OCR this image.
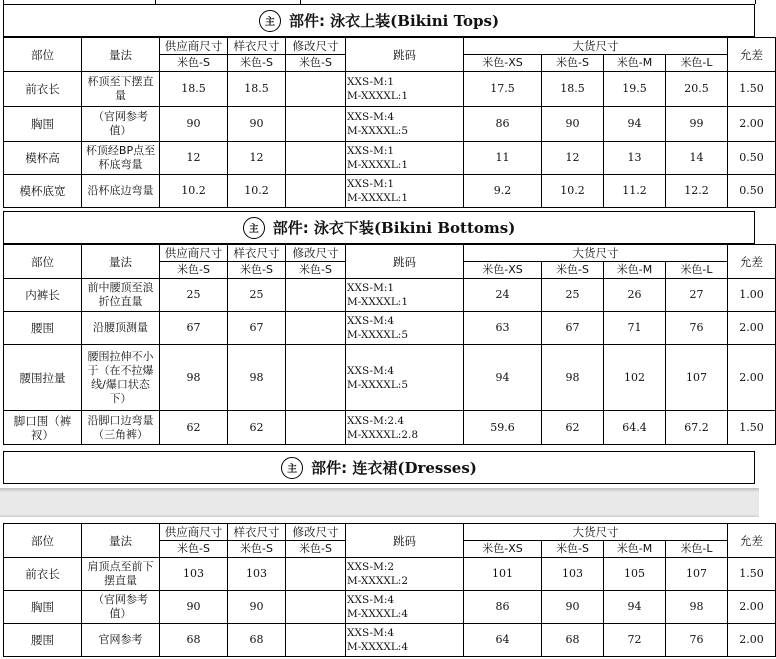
主 部件: 泳衣上装 (Bikini Tops)
部位	量法	供应商尺寸	样衣尺寸	修改尺寸	跳码	大货尺寸				允差
		米色-S	米色-S	米色-S		米色-XS	米色-S	米色-M	米色-L	
前衣长	杯顶至下摆直
量	18.5	18.5		XXS-M:1
M-XXXXL:1	17.5	18.5	19.5	20.5	1.50
胸围	（官网参考
值）	90	90		XXS-M:4
M-XXXXL:5	86	90	94	99	2.00
模杯高	杯顶经BP点至
杯底弯量	12	12		XXS-M:1
M-XXXXL:1	11	12	13	14	0.50
模杯底宽	沿杯底边弯量	10.2	10.2		XXS-M:1
M-XXXXL:1	9.2	10.2	11.2	12.2	0.50
主 部件: 泳衣下装 (Bikini Bottoms)
部位	量法	供应商尺寸	样衣尺寸	修改尺寸	跳码	大货尺寸				允差
		米色-S	米色-S	米色-S		米色-XS	米色-S	米色-M	米色-L	
内裤长	前中腰顶至浪
折位直量	25	25		XXS-M:1
M-XXXXL:1	24	25	26	27	1.00
腰围	沿腰顶测量	67	67		XXS-M:4
M-XXXXL:5	63	67	71	76	2.00
腰围拉量	腰围拉伸不小
于（在不拉爆
线/爆口状态
下）	98	98		XXS-M:4
M-XXXXL:5	94	98	102	107	2.00

脚口围（裤
衩）	沿脚口边弯量
（三角裤）	62	62		XXS-M:2.4
M-XXXXL:2.8	59.6	62	64.4	67.2	1.50
主 部件: 连衣裙 (Dresses)
部位	量法	供应商尺寸	样衣尺寸	修改尺寸	跳码	大货尺寸				允差
		米色-S	米色-S	米色-S		米色-XS	米色-S	米色-M	米色-L	
前衣长	肩顶点至前下
摆直量	103	103		XXS-M:2
M-XXXXL:2	101	103	105	107	1.50
胸围	（官网参考
值）	90	90		XXS-M:4
M-XXXXL:4	86	90	94	98	2.00
腰围	官网参考	68	68		XXS-M:4
M-XXXXL:4	64	68	72	76	2.00
